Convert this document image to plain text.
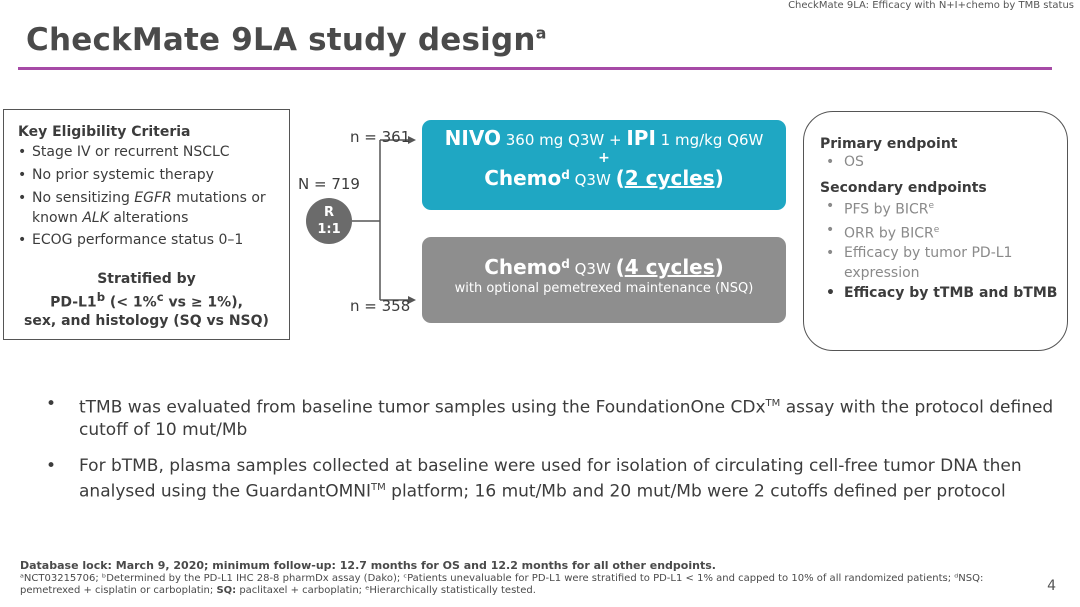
CheckMate 9LA: Efficacy with N+I+chemo by TMB status
CheckMate 9LA study design$^a$
Key Eligibility Criteria
• Stage IV or recurrent NSCLC
• No prior systemic therapy
• No sensitizing EGFR mutations or known ALK alterations
• ECOG performance status 0–1
Stratified by
PD-L1$^b$ (< 1%$^c$ vs ≥ 1%),
sex, and histology (SQ vs NSQ)
n = 361
N = 719
n = 358
R
1:1
NIVO 360 mg Q3W + IPI 1 mg/kg Q6W
+
Chemo$^d$ Q3W (2 cycles)
Chemo$^d$ Q3W (4 cycles)
with optional pemetrexed maintenance (NSQ)
Primary endpoint
• OS
Secondary endpoints
• PFS by BICR$^e$
• ORR by BICR$^e$
• Efficacy by tumor PD-L1 expression
• Efficacy by tTMB and bTMB
• tTMB was evaluated from baseline tumor samples using the FoundationOne CDx™ assay with the protocol defined cutoff of 10 mut/Mb
• For bTMB, plasma samples collected at baseline were used for isolation of circulating cell-free tumor DNA then analysed using the GuardantOMNI™ platform; 16 mut/Mb and 20 mut/Mb were 2 cutoffs defined per protocol
Database lock: March 9, 2020; minimum follow-up: 12.7 months for OS and 12.2 months for all other endpoints.
ᵃNCT03215706; ᵇDetermined by the PD-L1 IHC 28-8 pharmDx assay (Dako); ᶜPatients unevaluable for PD-L1 were stratified to PD-L1 < 1% and capped to 10% of all randomized patients; ᵈNSQ:
pemetrexed + cisplatin or carboplatin; SQ: paclitaxel + carboplatin; ᵉHierarchically statistically tested.	4
